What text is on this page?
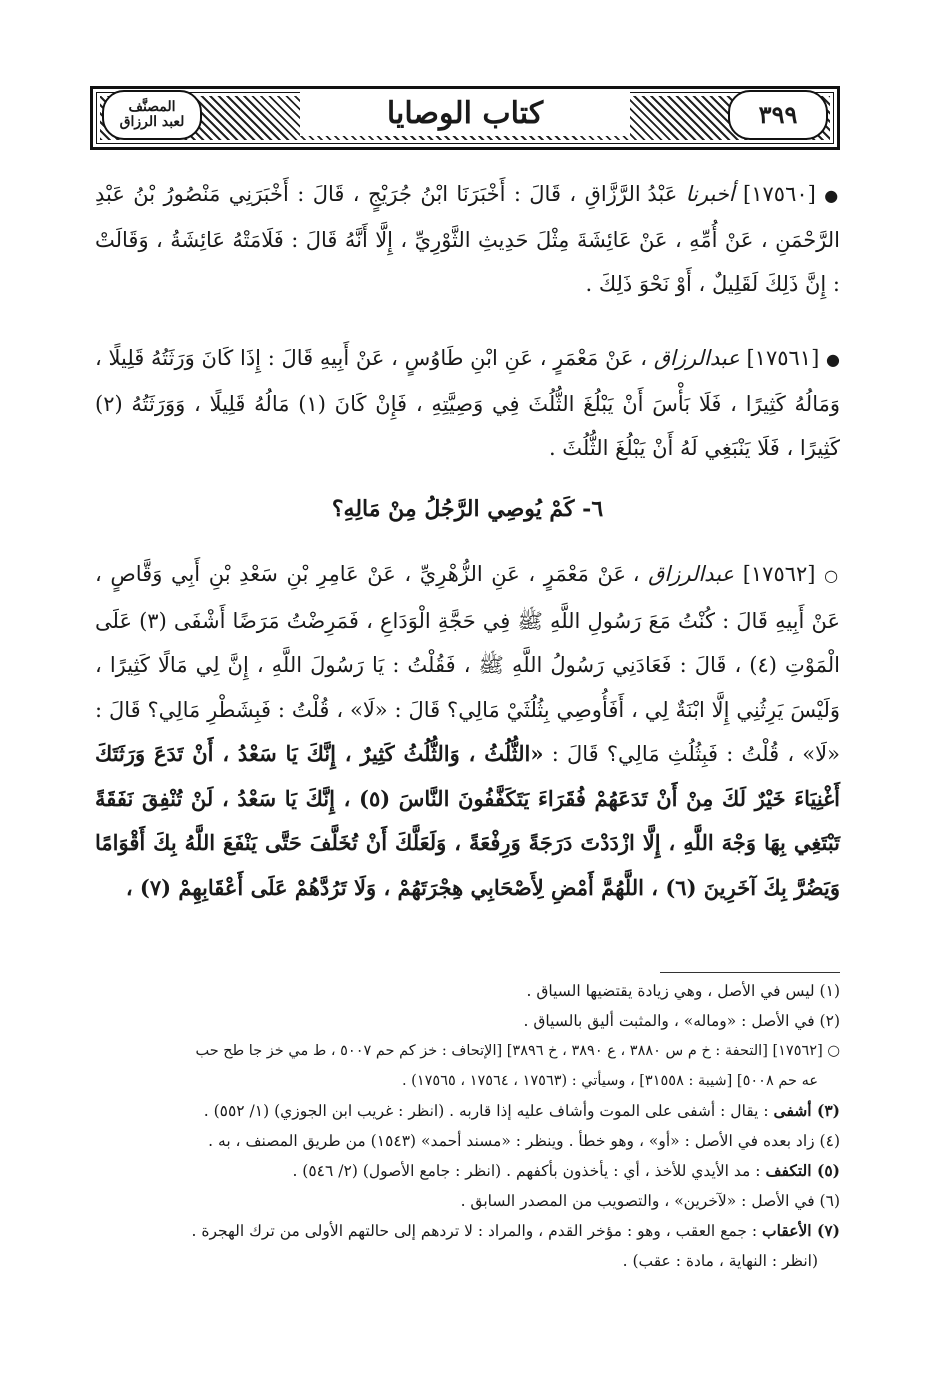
المصنَّف
لعبد الرزاق	كتاب الوصايا	٣٩٩
● [١٧٥٦٠] أخبرنا عَبْدُ الرَّزَّاقِ ، قَالَ : أَخْبَرَنَا ابْنُ جُرَيْجٍ ، قَالَ : أَخْبَرَنِي مَنْصُورُ بْنُ عَبْدِ الرَّحْمَنِ ، عَنْ أُمِّهِ ، عَنْ عَائِشَةَ مِثْلَ حَدِيثِ الثَّوْرِيِّ ، إِلَّا أَنَّهُ قَالَ : فَلَامَتْهُ عَائِشَةُ ، وَقَالَتْ : إِنَّ ذَلِكَ لَقَلِيلٌ ، أَوْ نَحْوَ ذَلِكَ .
● [١٧٥٦١] عبدالرزاق ، عَنْ مَعْمَرٍ ، عَنِ ابْنِ طَاوُسٍ ، عَنْ أَبِيهِ قَالَ : إِذَا كَانَ وَرَثَتُهُ قَلِيلًا ، وَمَالُهُ كَثِيرًا ، فَلَا بَأْسَ أَنْ يَبْلُغَ الثُّلُثَ فِي وَصِيَّتِهِ ، فَإِنْ كَانَ (١) مَالُهُ قَلِيلًا ، وَوَرَثَتُهُ (٢) كَثِيرًا ، فَلَا يَنْبَغِي لَهُ أَنْ يَبْلُغَ الثُّلُثَ .
٦- كَمْ يُوصِي الرَّجُلُ مِنْ مَالِهِ؟
○ [١٧٥٦٢] عبدالرزاق ، عَنْ مَعْمَرٍ ، عَنِ الزُّهْرِيِّ ، عَنْ عَامِرِ بْنِ سَعْدِ بْنِ أَبِي وَقَّاصٍ ، عَنْ أَبِيهِ قَالَ : كُنْتُ مَعَ رَسُولِ اللَّهِ ﷺ فِي حَجَّةِ الْوَدَاعِ ، فَمَرِضْتُ مَرَضًا أَشْفَى (٣) عَلَى الْمَوْتِ (٤) ، قَالَ : فَعَادَنِي رَسُولُ اللَّهِ ﷺ ، فَقُلْتُ : يَا رَسُولَ اللَّهِ ، إِنَّ لِي مَالًا كَثِيرًا ، وَلَيْسَ يَرِثُنِي إِلَّا ابْنَةٌ لِي ، أَفَأُوصِي بِثُلُثَيْ مَالِي؟ قَالَ : «لَا» ، قُلْتُ : فَبِشَطْرِ مَالِي؟ قَالَ : «لَا» ، قُلْتُ : فَبِثُلُثِ مَالِي؟ قَالَ : «الثُّلُثُ ، وَالثُّلُثُ كَثِيرٌ ، إِنَّكَ يَا سَعْدُ ، أَنْ تَدَعَ وَرَثَتَكَ أَغْنِيَاءَ خَيْرٌ لَكَ مِنْ أَنْ تَدَعَهُمْ فُقَرَاءَ يَتَكَفَّفُونَ النَّاسَ (٥) ، إِنَّكَ يَا سَعْدُ ، لَنْ تُنْفِقَ نَفَقَةً تَبْتَغِي بِهَا وَجْهَ اللَّهِ ، إِلَّا ازْدَدْتَ دَرَجَةً وَرِفْعَةً ، وَلَعَلَّكَ أَنْ تُخَلَّفَ حَتَّى يَنْفَعَ اللَّهُ بِكَ أَقْوَامًا وَيَضُرَّ بِكَ آخَرِينَ (٦) ، اللَّهُمَّ أَمْضِ لِأَصْحَابِي هِجْرَتَهُمْ ، وَلَا تَرُدَّهُمْ عَلَى أَعْقَابِهِمْ (٧) ،
(١) ليس في الأصل ، وهي زيادة يقتضيها السياق .
(٢) في الأصل : «وماله» ، والمثبت أليق بالسياق .
○ [١٧٥٦٢] [التحفة : خ م س ٣٨٨٠ ، ع ٣٨٩٠ ، خ ٣٨٩٦] [الإتحاف : خز كم حم ٥٠٠٧ ، ط مي خز جا طح حب
عه حم ٥٠٠٨] [شيبة : ٣١٥٥٨] ، وسيأتي : (١٧٥٦٣ ، ١٧٥٦٤ ، ١٧٥٦٥) .
(٣) أشفى : يقال : أشفى على الموت وأشاف عليه إذا قاربه . (انظر : غريب ابن الجوزي) (١/ ٥٥٢) .
(٤) زاد بعده في الأصل : «أو» ، وهو خطأ . وينظر : «مسند أحمد» (١٥٤٣) من طريق المصنف ، به .
(٥) التكفف : مد الأيدي للأخذ ، أي : يأخذون بأكفهم . (انظر : جامع الأصول) (٢/ ٥٤٦) .
(٦) في الأصل : «لآخرين» ، والتصويب من المصدر السابق .
(٧) الأعقاب : جمع العقب ، وهو : مؤخر القدم ، والمراد : لا تردهم إلى حالتهم الأولى من ترك الهجرة .
(انظر : النهاية ، مادة : عقب) .
